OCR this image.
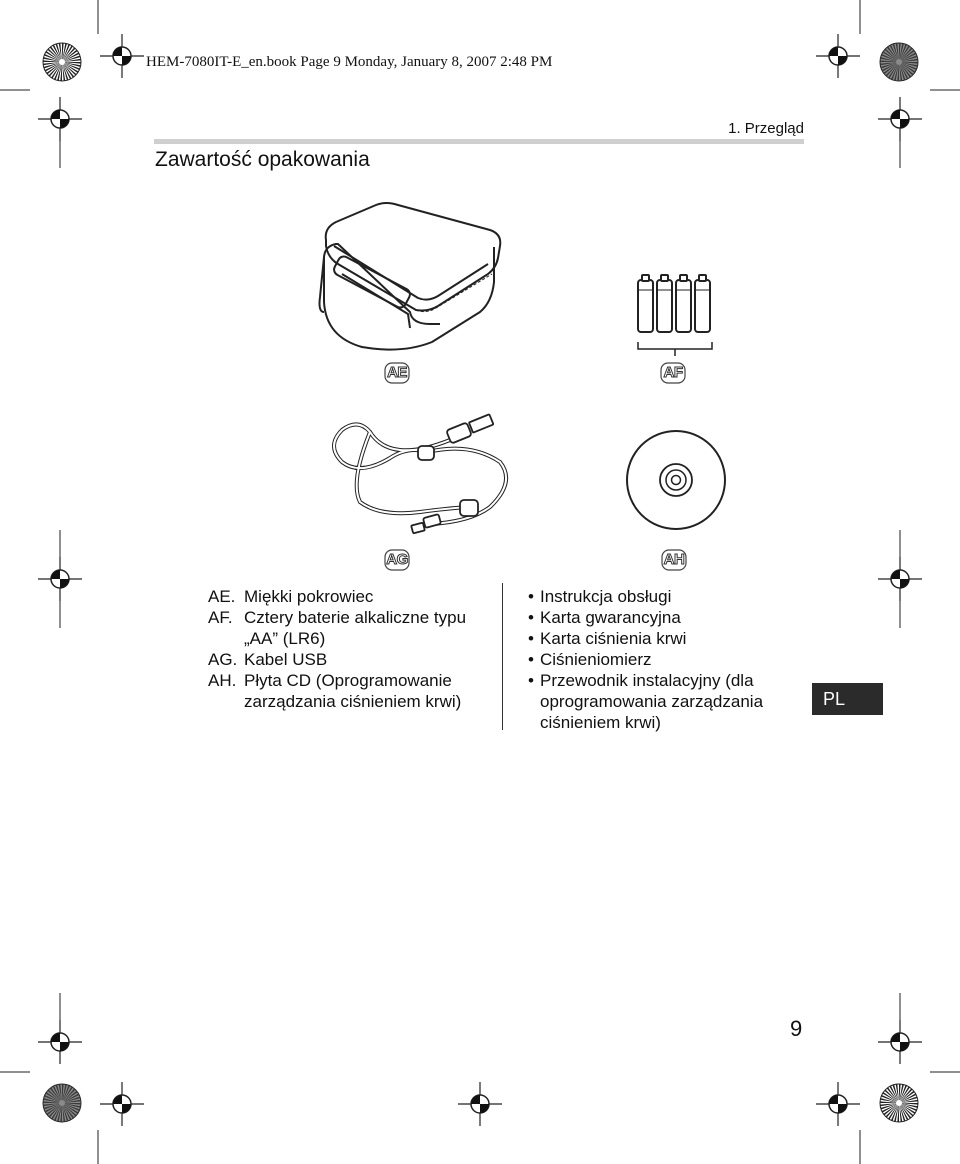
HEM-7080IT-E_en.book Page 9 Monday, January 8, 2007 2:48 PM
1. Przegląd
Zawartość opakowania
AE	AF
AG	AH
AE. Miękki pokrowiec
AF. Cztery baterie alkaliczne typu
„AA” (LR6)
AG. Kabel USB
AH. Płyta CD (Oprogramowanie
zarządzania ciśnieniem krwi)
• Instrukcja obsługi
• Karta gwarancyjna
• Karta ciśnienia krwi
• Ciśnieniomierz
• Przewodnik instalacyjny (dla
oprogramowania zarządzania
ciśnieniem krwi)
PL
9
